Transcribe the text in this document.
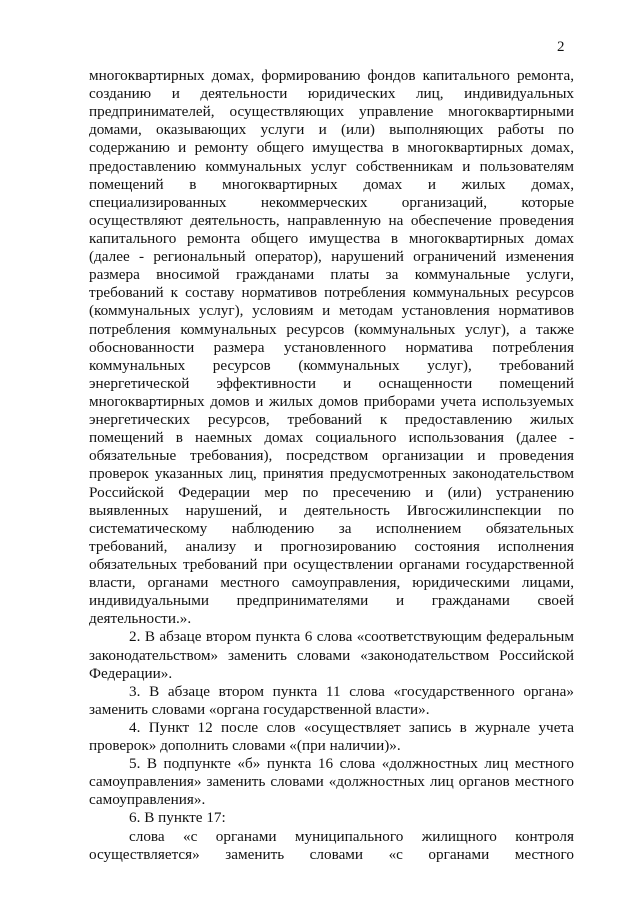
2
многоквартирных домах, формированию фондов капитального ремонта,
созданию и деятельности юридических лиц, индивидуальных
предпринимателей, осуществляющих управление многоквартирными
домами, оказывающих услуги и (или) выполняющих работы по
содержанию и ремонту общего имущества в многоквартирных домах,
предоставлению коммунальных услуг собственникам и пользователям
помещений в многоквартирных домах и жилых домах,
специализированных некоммерческих организаций, которые
осуществляют деятельность, направленную на обеспечение проведения
капитального ремонта общего имущества в многоквартирных домах
(далее - региональный оператор), нарушений ограничений изменения
размера вносимой гражданами платы за коммунальные услуги,
требований к составу нормативов потребления коммунальных ресурсов
(коммунальных услуг), условиям и методам установления нормативов
потребления коммунальных ресурсов (коммунальных услуг), а также
обоснованности размера установленного норматива потребления
коммунальных ресурсов (коммунальных услуг), требований
энергетической эффективности и оснащенности помещений
многоквартирных домов и жилых домов приборами учета используемых
энергетических ресурсов, требований к предоставлению жилых
помещений в наемных домах социального использования (далее -
обязательные требования), посредством организации и проведения
проверок указанных лиц, принятия предусмотренных законодательством
Российской Федерации мер по пресечению и (или) устранению
выявленных нарушений, и деятельность Ивгосжилинспекции по
систематическому наблюдению за исполнением обязательных
требований, анализу и прогнозированию состояния исполнения
обязательных требований при осуществлении органами государственной
власти, органами местного самоуправления, юридическими лицами,
индивидуальными предпринимателями и гражданами своей
деятельности.».
2. В абзаце втором пункта 6 слова «соответствующим федеральным
законодательством» заменить словами «законодательством Российской
Федерации».
3. В абзаце втором пункта 11 слова «государственного органа»
заменить словами «органа государственной власти».
4. Пункт 12 после слов «осуществляет запись в журнале учета
проверок» дополнить словами «(при наличии)».
5. В подпункте «б» пункта 16 слова «должностных лиц местного
самоуправления» заменить словами «должностных лиц органов местного
самоуправления».
6. В пункте 17:
слова «с органами муниципального жилищного контроля
осуществляется» заменить словами «с органами местного
